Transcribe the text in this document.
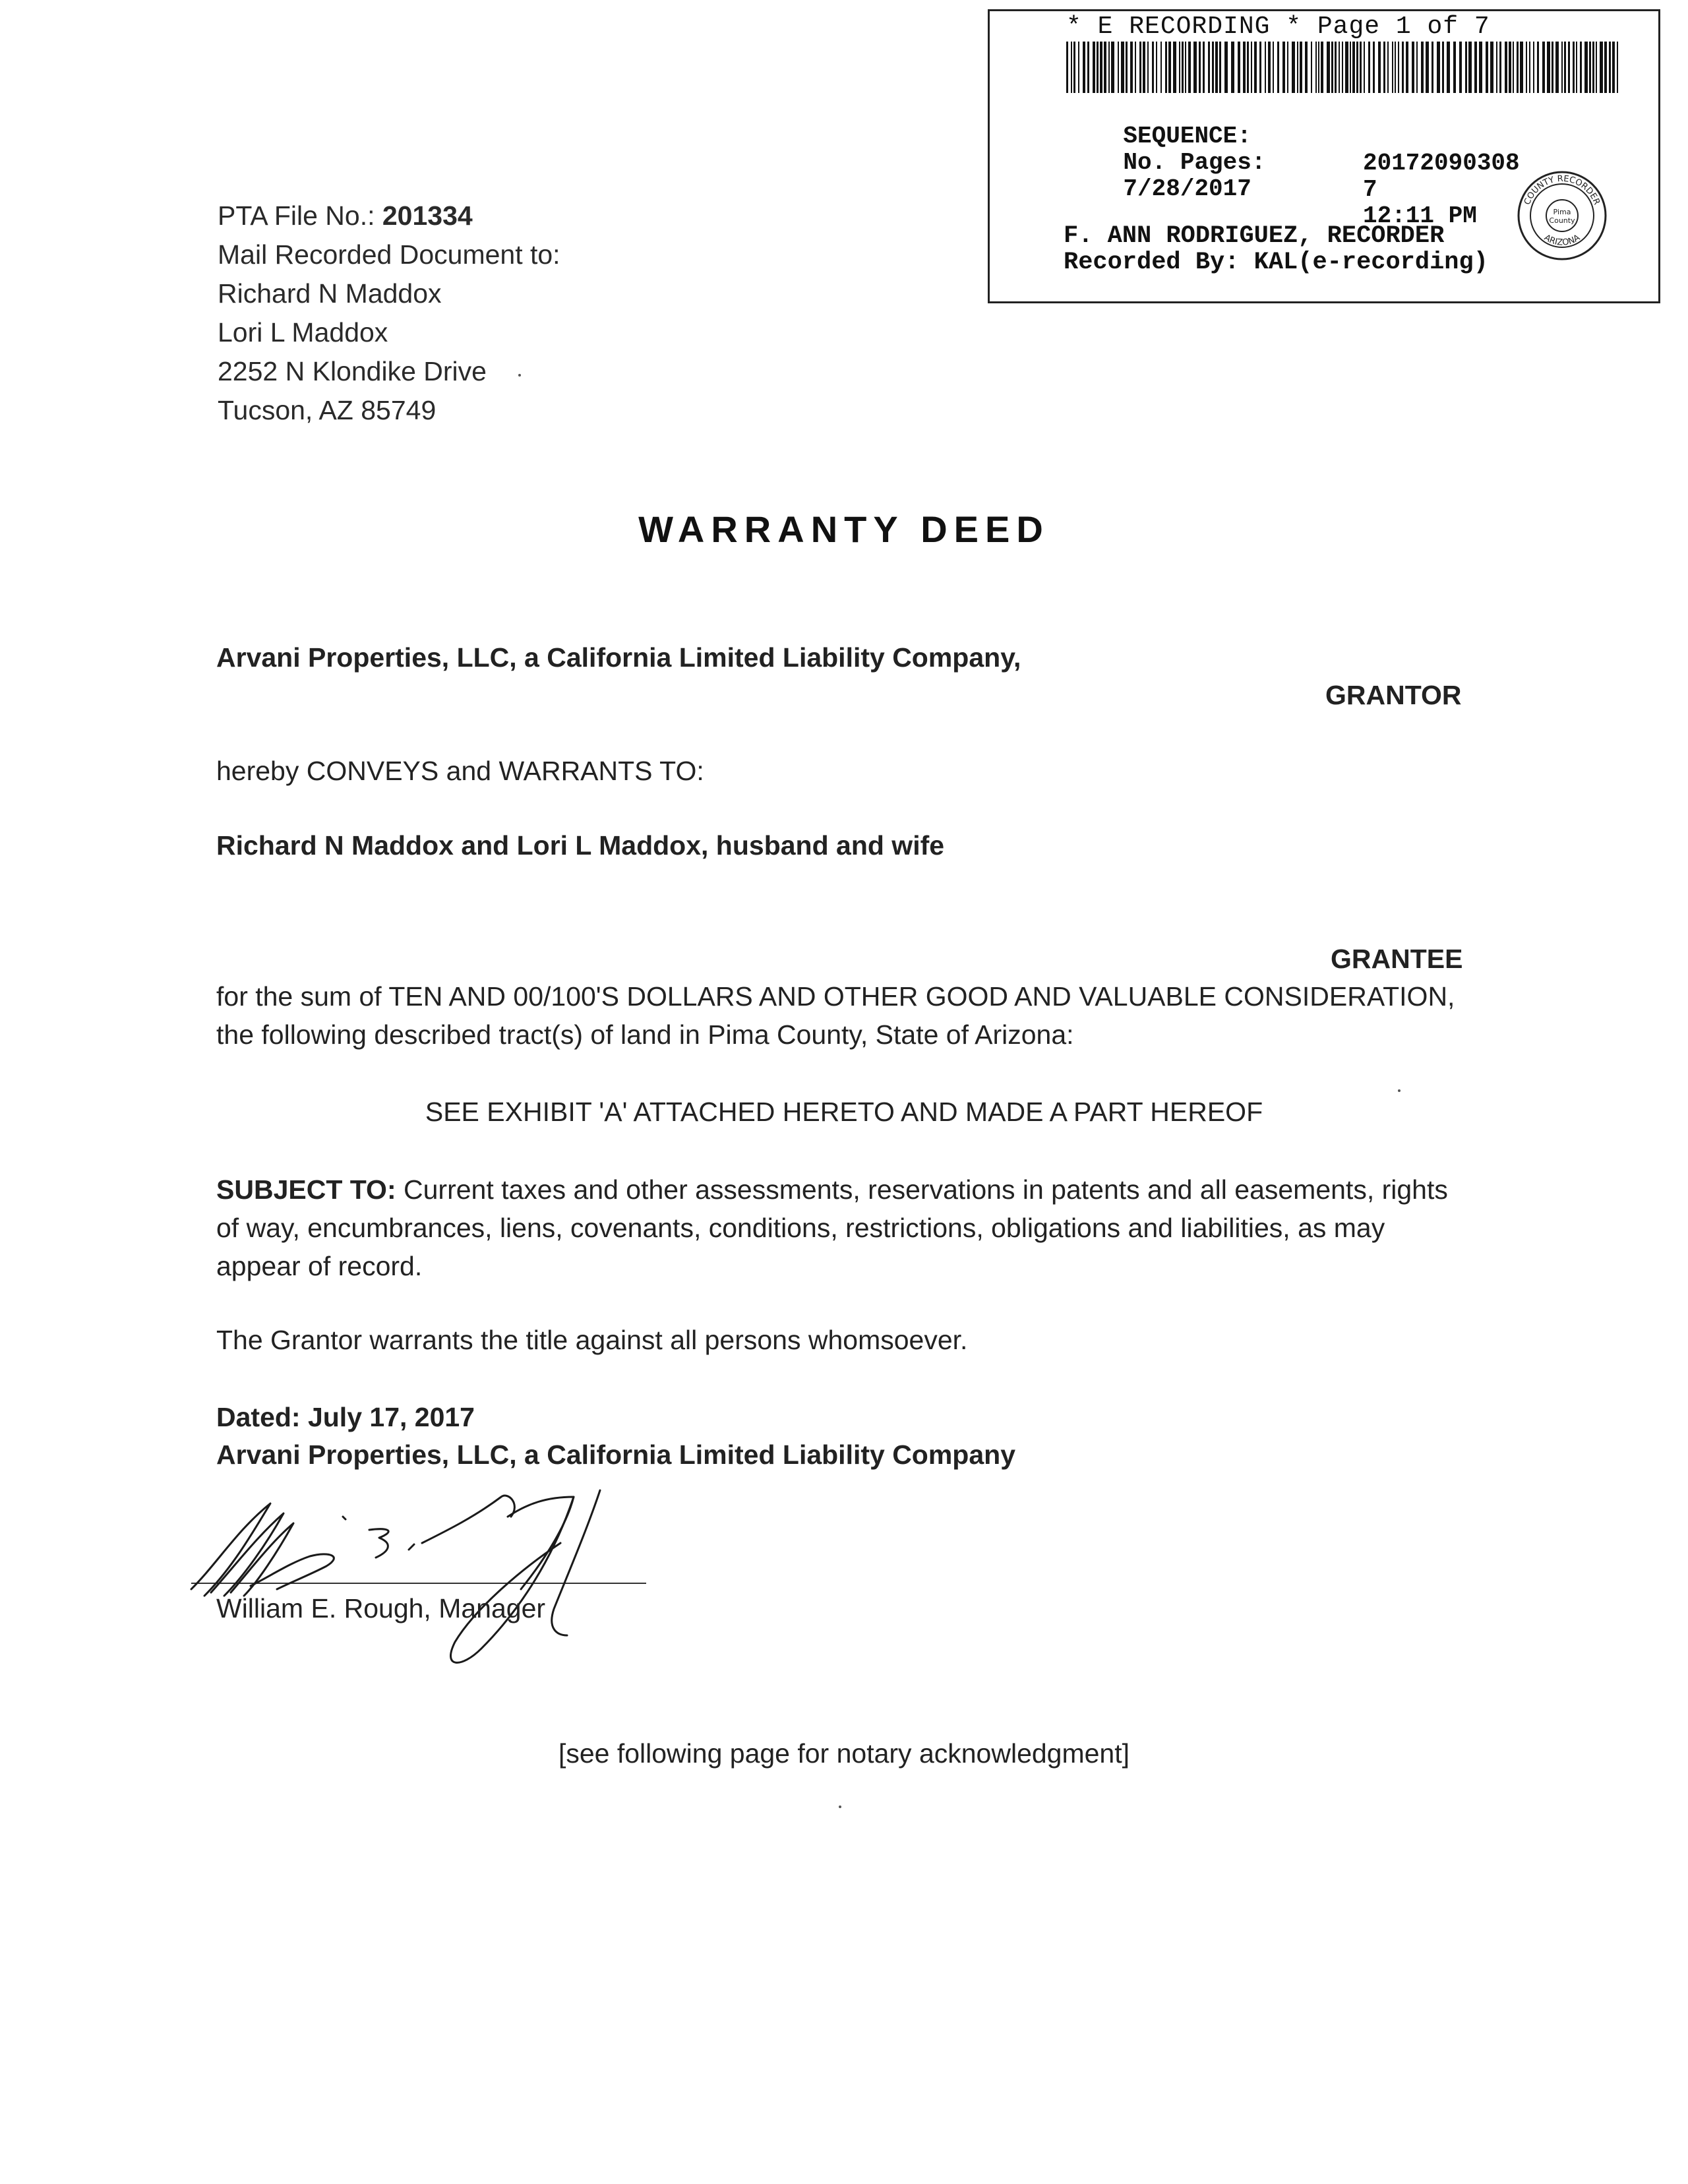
* E RECORDING * Page 1 of 7

SEQUENCE:

20172090308

No. Pages:

7

7/28/2017

12:11 PM

F. ANN RODRIGUEZ, RECORDER
Recorded By: KAL(e-recording)
Pima
County
COUNTY RECORDER
ARIZONA
PTA File No.: 201334
Mail Recorded Document to:
Richard N Maddox
Lori L Maddox
2252 N Klondike Drive
Tucson, AZ 85749
WARRANTY DEED
Arvani Properties, LLC, a California Limited Liability Company,
GRANTOR
hereby CONVEYS and WARRANTS TO:
Richard N Maddox and Lori L Maddox, husband and wife
GRANTEE
for the sum of TEN AND 00/100'S DOLLARS AND OTHER GOOD AND VALUABLE CONSIDERATION, the following described tract(s) of land in Pima County, State of Arizona:
SEE EXHIBIT 'A' ATTACHED HERETO AND MADE A PART HEREOF
SUBJECT TO: Current taxes and other assessments, reservations in patents and all easements, rights of way, encumbrances, liens, covenants, conditions, restrictions, obligations and liabilities, as may appear of record.
The Grantor warrants the title against all persons whomsoever.
Dated: July 17, 2017
Arvani Properties, LLC, a California Limited Liability Company
William E. Rough, Manager
[see following page for notary acknowledgment]
